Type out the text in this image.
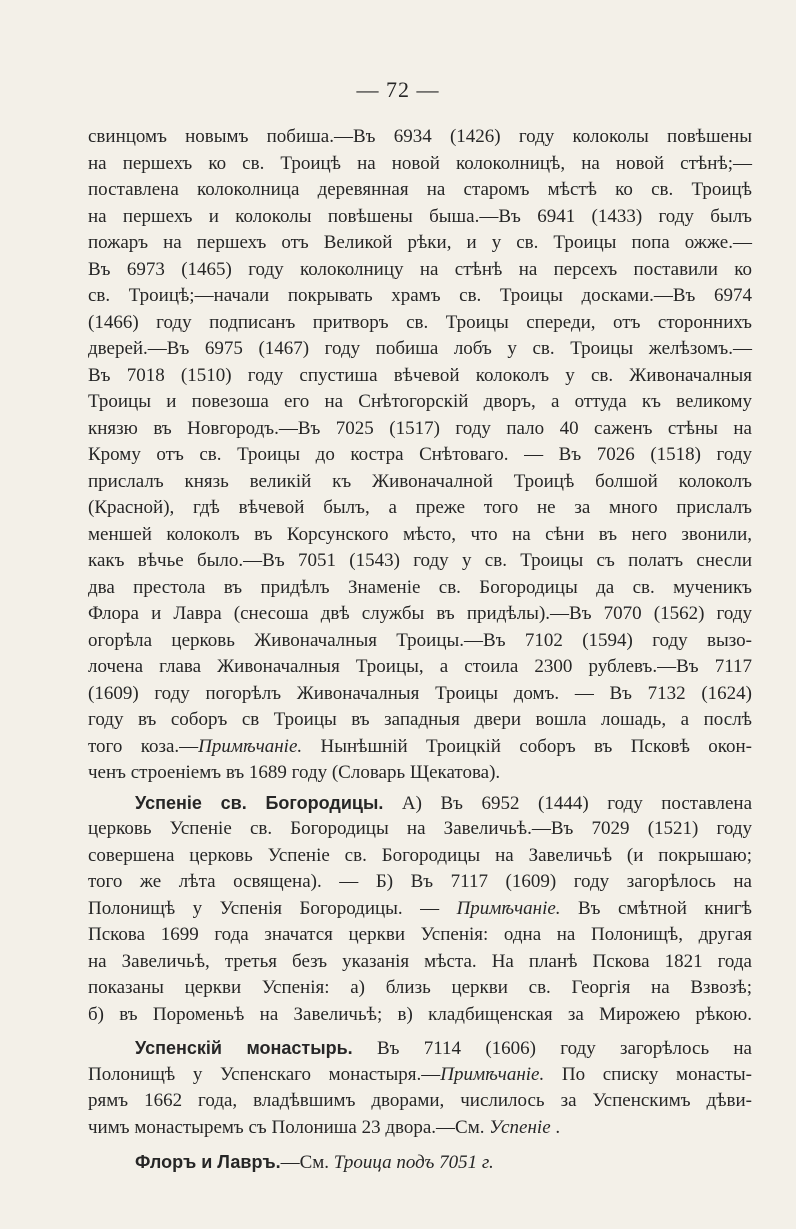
— 72 —
свинцомъ новымъ побиша.—Въ 6934 (1426) году колоколы повѣшены
на першехъ ко св. Троицѣ на новой колоколницѣ, на новой стѣнѣ;—
поставлена колоколница деревянная на старомъ мѣстѣ ко св. Троицѣ
на першехъ и колоколы повѣшены быша.—Въ 6941 (1433) году былъ
пожаръ на першехъ отъ Великой рѣки, и у св. Троицы попа ожже.—
Въ 6973 (1465) году колоколницу на стѣнѣ на персехъ поставили ко
св. Троицѣ;—начали покрывать храмъ св. Троицы досками.—Въ 6974
(1466) году подписанъ притворъ св. Троицы спереди, отъ стороннихъ
дверей.—Въ 6975 (1467) году побиша лобъ у св. Троицы желѣзомъ.—
Въ 7018 (1510) году спустиша вѣчевой колоколъ у св. Живоначалныя
Троицы и повезоша его на Снѣтогорскій дворъ, а оттуда къ великому
князю въ Новгородъ.—Въ 7025 (1517) году пало 40 саженъ стѣны на
Крому отъ св. Троицы до костра Снѣтоваго. — Въ 7026 (1518) году
прислалъ князь великій къ Живоначалной Троицѣ болшой колоколъ
(Красной), гдѣ вѣчевой былъ, а преже того не за много прислалъ
меншей колоколъ въ Корсунского мѣсто, что на сѣни въ него звонили,
какъ вѣчье было.—Въ 7051 (1543) году у св. Троицы съ полатъ снесли
два престола въ придѣлъ Знаменіе св. Богородицы да св. мученикъ
Флора и Лавра (снесоша двѣ службы въ придѣлы).—Въ 7070 (1562) году
огорѣла церковь Живоначалныя Троицы.—Въ 7102 (1594) году вызо-
лочена глава Живоначалныя Троицы, а стоила 2300 рублевъ.—Въ 7117
(1609) году погорѣлъ Живоначалныя Троицы домъ. — Въ 7132 (1624)
году въ соборъ св Троицы въ западныя двери вошла лошадь, а послѣ
того коза.—Примѣчаніе. Нынѣшній Троицкій соборъ въ Псковѣ окон-
ченъ строеніемъ въ 1689 году (Словарь Щекатова).
Успеніе св. Богородицы. А) Въ 6952 (1444) году поставлена
церковь Успеніе св. Богородицы на Завеличьѣ.—Въ 7029 (1521) году
совершена церковь Успеніе св. Богородицы на Завеличьѣ (и покрышаю;
того же лѣта освящена). — Б) Въ 7117 (1609) году загорѣлось на
Полонищѣ у Успенія Богородицы. — Примѣчаніе. Въ смѣтной книгѣ
Пскова 1699 года значатся церкви Успенія: одна на Полонищѣ, другая
на Завеличьѣ, третья безъ указанія мѣста. На планѣ Пскова 1821 года
показаны церкви Успенія: а) близь церкви св. Георгія на Взвозѣ;
б) въ Пороменьѣ на Завеличьѣ; в) кладбищенская за Мирожею рѣкою.
Успенскій монастырь. Въ 7114 (1606) году загорѣлось на
Полонищѣ у Успенскаго монастыря.—Примѣчаніе. По списку монасты-
рямъ 1662 года, владѣвшимъ дворами, числилось за Успенскимъ дѣви-
чимъ монастыремъ съ Полониша 23 двора.—См. Успеніе .
Флоръ и Лавръ.—См. Троица подъ 7051 г.
